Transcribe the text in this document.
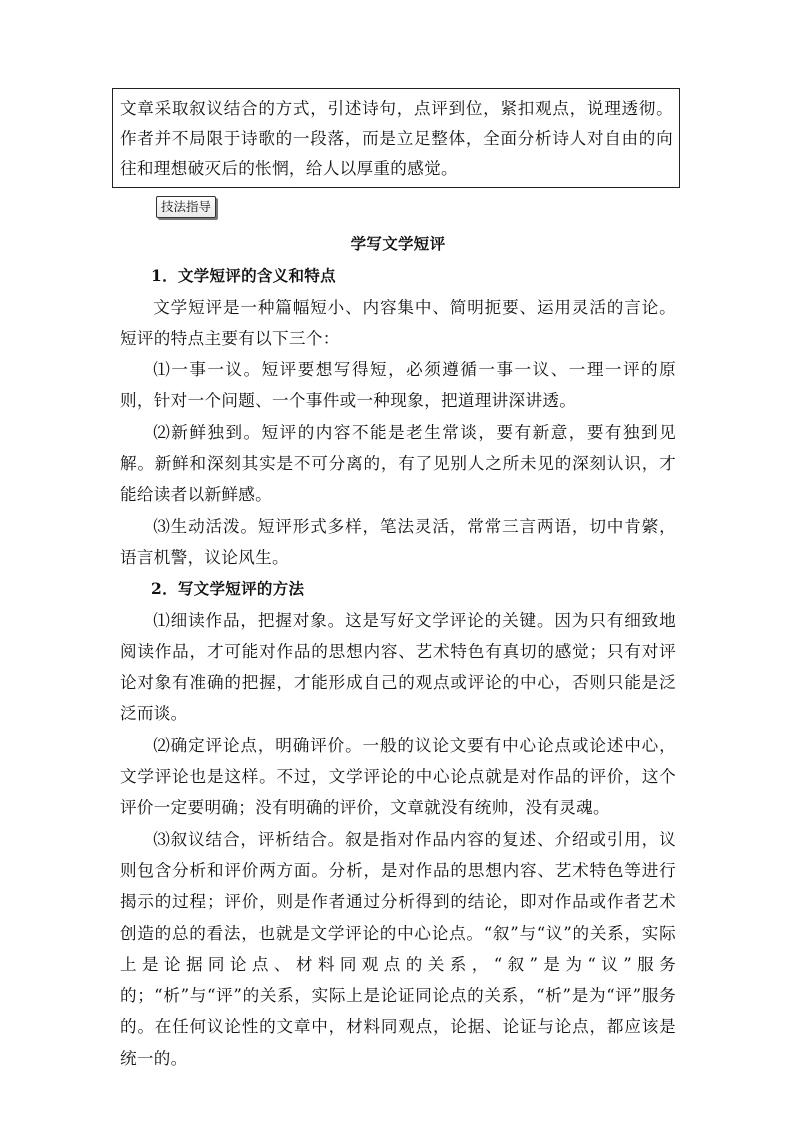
文章采取叙议结合的方式，引述诗句，点评到位，紧扣观点，说理透彻。作者并不局限于诗歌的一段落，而是立足整体，全面分析诗人对自由的向往和理想破灭后的怅惘，给人以厚重的感觉。
技法指导

学写文学短评

1．文学短评的含义和特点

文学短评是一种篇幅短小、内容集中、简明扼要、运用灵活的言论。短评的特点主要有以下三个：

⑴一事一议。短评要想写得短，必须遵循一事一议、一理一评的原则，针对一个问题、一个事件或一种现象，把道理讲深讲透。

⑵新鲜独到。短评的内容不能是老生常谈，要有新意，要有独到见解。新鲜和深刻其实是不可分离的，有了见别人之所未见的深刻认识，才能给读者以新鲜感。

⑶生动活泼。短评形式多样，笔法灵活，常常三言两语，切中肯綮，语言机警，议论风生。

2．写文学短评的方法

⑴细读作品，把握对象。这是写好文学评论的关键。因为只有细致地阅读作品，才可能对作品的思想内容、艺术特色有真切的感觉；只有对评论对象有准确的把握，才能形成自己的观点或评论的中心，否则只能是泛泛而谈。

⑵确定评论点，明确评价。一般的议论文要有中心论点或论述中心，文学评论也是这样。不过，文学评论的中心论点就是对作品的评价，这个评价一定要明确；没有明确的评价，文章就没有统帅，没有灵魂。

⑶叙议结合，评析结合。叙是指对作品内容的复述、介绍或引用，议则包含分析和评价两方面。分析，是对作品的思想内容、艺术特色等进行揭示的过程；评价，则是作者通过分析得到的结论，即对作品或作者艺术创造的总的看法，也就是文学评论的中心论点。“叙”与“议”的关系，实际上是论据同论点、材料同观点的关系，“叙”是为“议”服务的；“析”与“评”的关系，实际上是论证同论点的关系，“析”是为“评”服务的。在任何议论性的文章中，材料同观点，论据、论证与论点，都应该是统一的。
